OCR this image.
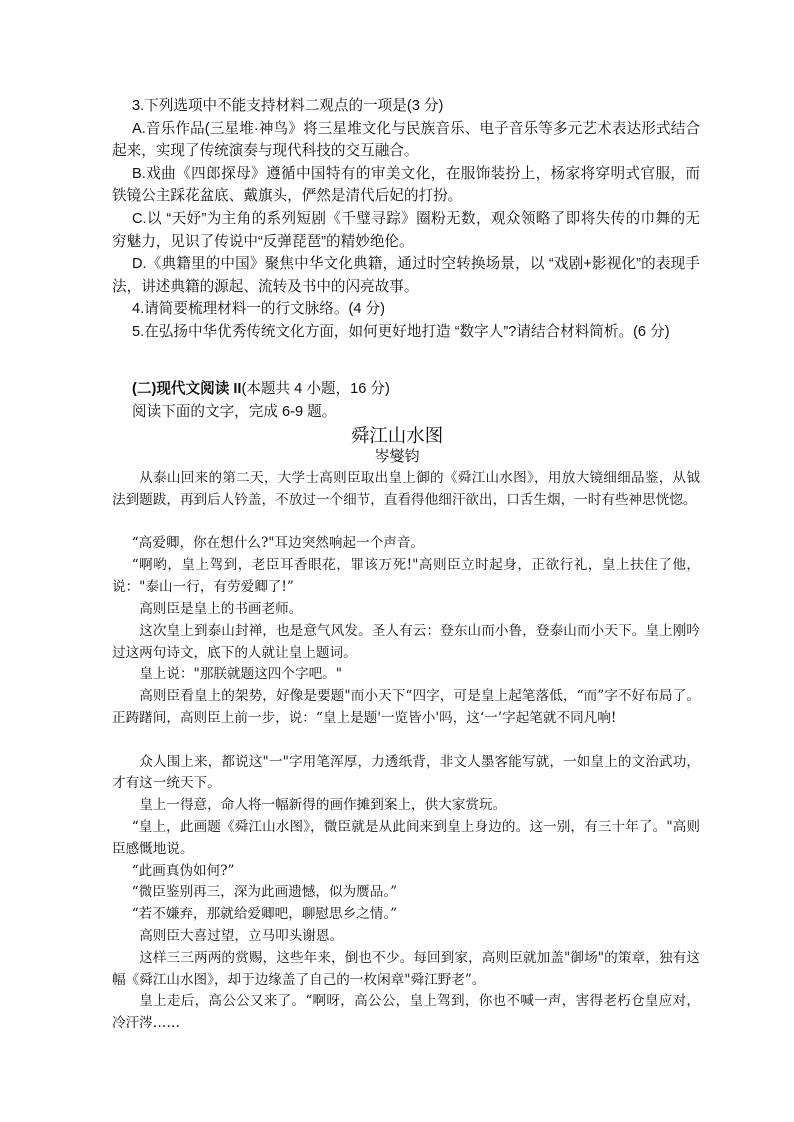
3.下列选项中不能支持材料二观点的一项是(3 分)

A.音乐作品(三星堆·神鸟》将三星堆文化与民族音乐、电子音乐等多元艺术表达形式结合起来，实现了传统演奏与现代科技的交互融合。

B.戏曲《四郎探母》遵循中国特有的审美文化，在服饰装扮上，杨家将穿明式官服，而铁镜公主踩花盆底、戴旗头，俨然是清代后妃的打扮。

C.以 “天妤”为主角的系列短剧《千璧寻踪》圈粉无数，观众领略了即将失传的巾舞的无穷魅力，见识了传说中“反弹琵琶”的精妙绝伦。

D.《典籍里的中国》聚焦中华文化典籍，通过时空转换场景，以 “戏剧+影视化”的表现手法，讲述典籍的源起、流转及书中的闪亮故事。

4.请简要梳理材料一的行文脉络。(4 分)

5.在弘扬中华优秀传统文化方面，如何更好地打造 “数字人”?请结合材料简析。(6 分)

(二)现代文阅读 II(本题共 4 小题，16 分)

阅读下面的文字，完成 6-9 题。

舜江山水图

岑燮钧

从泰山回来的第二天，大学士高则臣取出皇上御的《舜江山水图》，用放大镜细细品鉴，从钺法到题跋，再到后人钤盖，不放过一个细节，直看得他细汗欲出，口舌生烟，一时有些神思恍惚。

“高爱卿，你在想什么?"耳边突然响起一个声音。

“啊哟，皇上驾到，老臣耳香眼花，罪该万死!"高则臣立时起身，正欲行礼，皇上扶住了他，说："泰山一行，有劳爱卿了!”

高则臣是皇上的书画老师。

这次皇上到泰山封禅，也是意气风发。圣人有云：登东山而小鲁，登泰山而小天下。皇上刚吟过这两句诗文，底下的人就让皇上题词。

皇上说："那朕就题这四个字吧。"

高则臣看皇上的架势，好像是要题"而小天下“四字，可是皇上起笔落低，“而”字不好布局了。正踌躇间，高则臣上前一步，说：“皇上是题'一览皆小'吗，这‘一’字起笔就不同凡响!

众人围上来，都说这"一"字用笔浑厚，力透纸背，非文人墨客能写就，一如皇上的文治武功，才有这一统天下。

皇上一得意，命人将一幅新得的画作摊到案上，供大家赏玩。

“皇上，此画题《舜江山水图》，微臣就是从此间来到皇上身边的。这一别，有三十年了。"高则臣感慨地说。

“此画真伪如何?”

“微臣鉴别再三，深为此画遗憾，似为赝品。”

“若不嫌弃，那就给爱卿吧，聊慰思乡之情。”

高则臣大喜过望，立马叩头谢恩。

这样三三两两的赏赐，这些年来，倒也不少。每回到家，高则臣就加盖"御场"的策章，独有这幅《舜江山水图》，却于边缘盖了自己的一枚闲章"舜江野老”。

皇上走后，高公公又来了。“啊呀，高公公，皇上驾到，你也不喊一声，害得老朽仓皇应对，冷汗涔……
